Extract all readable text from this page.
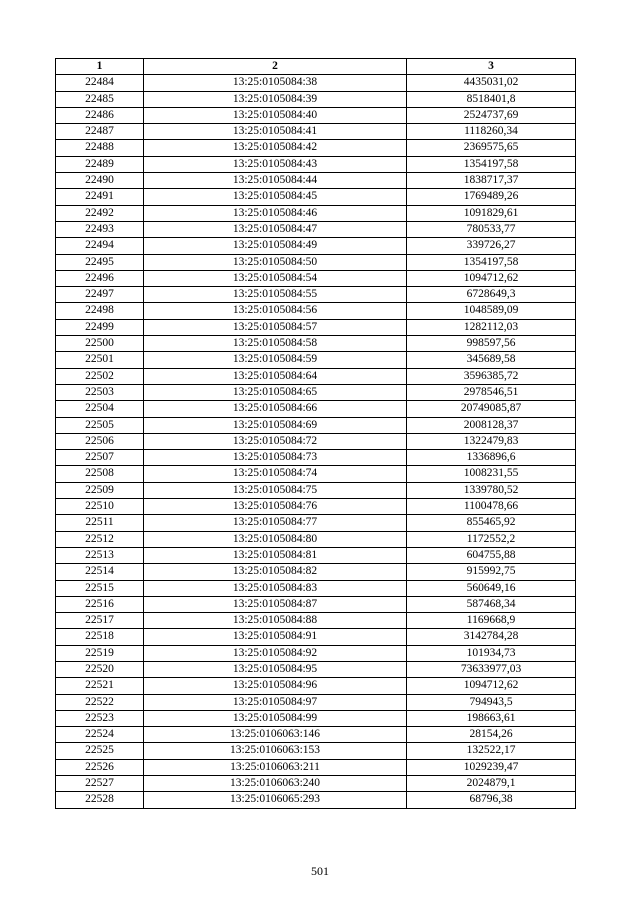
1	2	3
22484	13:25:0105084:38	4435031,02
22485	13:25:0105084:39	8518401,8
22486	13:25:0105084:40	2524737,69
22487	13:25:0105084:41	1118260,34
22488	13:25:0105084:42	2369575,65
22489	13:25:0105084:43	1354197,58
22490	13:25:0105084:44	1838717,37
22491	13:25:0105084:45	1769489,26
22492	13:25:0105084:46	1091829,61
22493	13:25:0105084:47	780533,77
22494	13:25:0105084:49	339726,27
22495	13:25:0105084:50	1354197,58
22496	13:25:0105084:54	1094712,62
22497	13:25:0105084:55	6728649,3
22498	13:25:0105084:56	1048589,09
22499	13:25:0105084:57	1282112,03
22500	13:25:0105084:58	998597,56
22501	13:25:0105084:59	345689,58
22502	13:25:0105084:64	3596385,72
22503	13:25:0105084:65	2978546,51
22504	13:25:0105084:66	20749085,87
22505	13:25:0105084:69	2008128,37
22506	13:25:0105084:72	1322479,83
22507	13:25:0105084:73	1336896,6
22508	13:25:0105084:74	1008231,55
22509	13:25:0105084:75	1339780,52
22510	13:25:0105084:76	1100478,66
22511	13:25:0105084:77	855465,92
22512	13:25:0105084:80	1172552,2
22513	13:25:0105084:81	604755,88
22514	13:25:0105084:82	915992,75
22515	13:25:0105084:83	560649,16
22516	13:25:0105084:87	587468,34
22517	13:25:0105084:88	1169668,9
22518	13:25:0105084:91	3142784,28
22519	13:25:0105084:92	101934,73
22520	13:25:0105084:95	73633977,03
22521	13:25:0105084:96	1094712,62
22522	13:25:0105084:97	794943,5
22523	13:25:0105084:99	198663,61
22524	13:25:0106063:146	28154,26
22525	13:25:0106063:153	132522,17
22526	13:25:0106063:211	1029239,47
22527	13:25:0106063:240	2024879,1
22528	13:25:0106065:293	68796,38
501
